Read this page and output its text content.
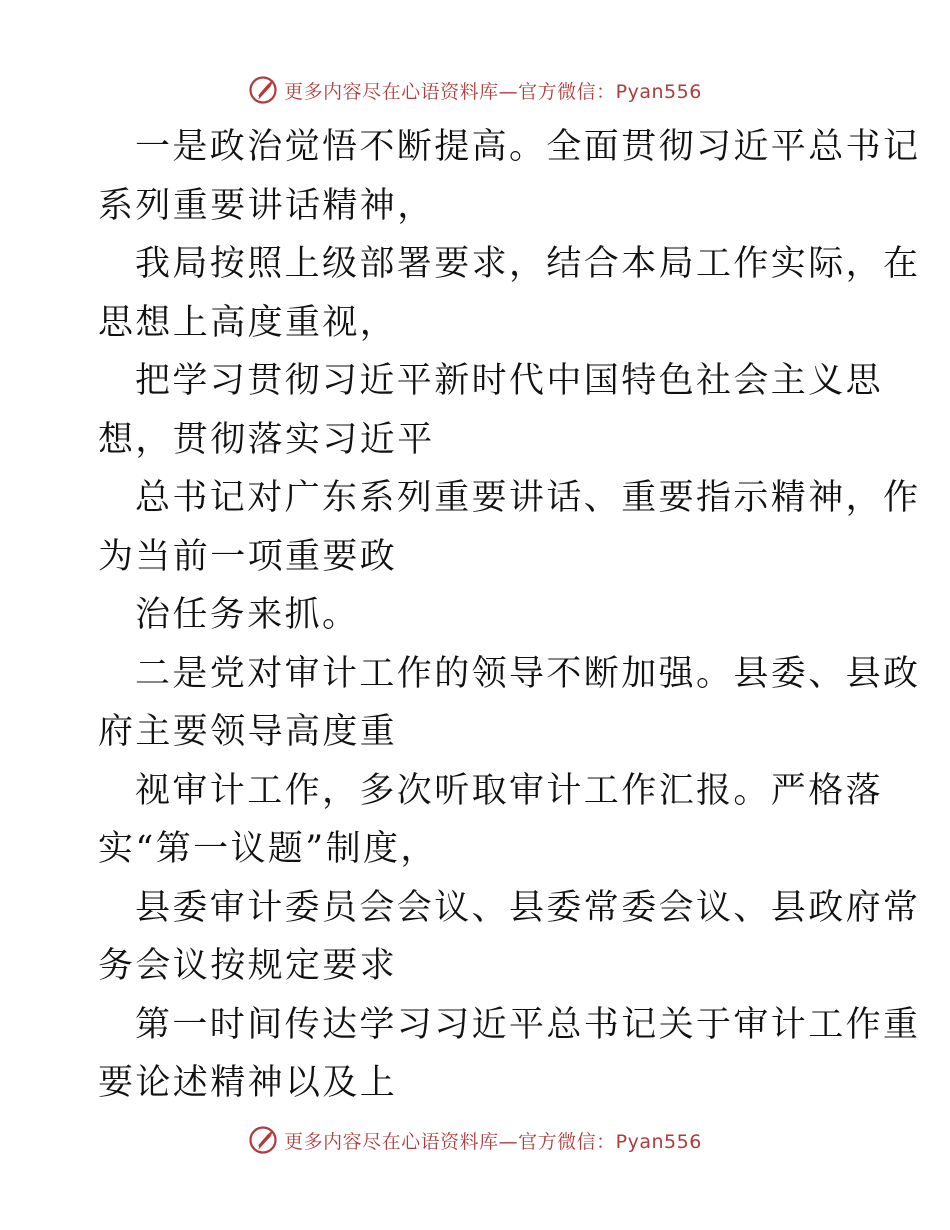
更多内容尽在心语资料库—官方微信：Pyan556

一是政治觉悟不断提高。全面贯彻习近平总书记
系列重要讲话精神，

我局按照上级部署要求，结合本局工作实际，在
思想上高度重视，

把学习贯彻习近平新时代中国特色社会主义思
想，贯彻落实习近平

总书记对广东系列重要讲话、重要指示精神，作
为当前一项重要政

治任务来抓。

二是党对审计工作的领导不断加强。县委、县政
府主要领导高度重

视审计工作，多次听取审计工作汇报。严格落
实“第一议题”制度，

县委审计委员会会议、县委常委会议、县政府常
务会议按规定要求

第一时间传达学习习近平总书记关于审计工作重
要论述精神以及上

更多内容尽在心语资料库—官方微信：Pyan556
